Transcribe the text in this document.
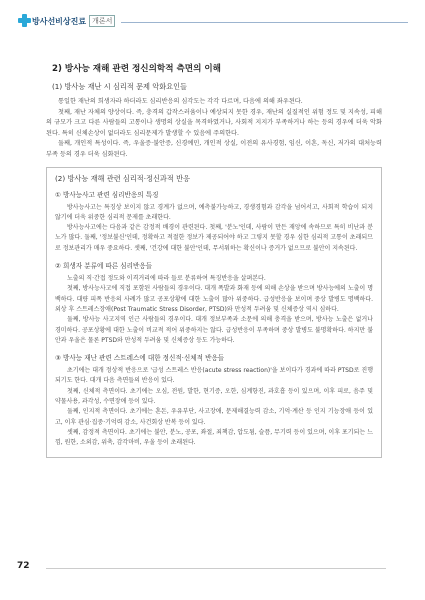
방사선비상진료 개론서
2) 방사능 재해 관련 정신의학적 측면의 이해
(1) 방사능 재난 시 심리적 문제 악화요인들

통일한 재난의 희생자라 하더라도 심리반응의 심각도는 각각 다르며, 다음에 의해 좌우된다.

첫째, 재난 자체의 양상이다. 즉, 충격의 갑작스러움이나 예상되지 못한 경우, 재난의 실질적인 위험 정도 및 지속성, 피해의 규모가 크고 다른 사람들의 고통이나 생명의 상실을 목격하였거나, 사회적 지지가 부족하거나 하는 등의 경우에 더욱 악화된다. 특히 신체손상이 없더라도 심리문제가 발생할 수 있음에 주의한다.

둘째, 개인적 특성이다. 즉, 우울증·불안증, 신경예민, 개인적 상실, 이전의 유사경험, 임신, 이혼, 독신, 저가의 대처능력 부족 등의 경우 더욱 심화된다.

(2) 방사능 재해 관련 심리적·정신과적 반응
① 방사능사고 관련 심리반응의 특징

방사능사고는 특징상 보이지 않고 경계가 없으며, 예측불가능하고, 경생경험과 감각을 넘어서고, 사회적 학습이 되지 않기에 더욱 위중한 심리적 문제를 초래한다.

방사능사고에는 다음과 같은 감정적 배경이 관련된다. 첫째, '분노'인데, 사람이 만든 재앙에 속하므로 특히 비난과 분노가 많다. 둘째, '정보불신'인데, 정확하고 적절한 정보가 제공되어야 하고 그렇지 못할 경우 심한 심리적 고통이 초래되므로 정보관리가 매우 중요하다. 셋째, '건강에 대한 불안'인데, 무서워하는 확신이나 증거가 없으므로 불안이 지속된다.

② 희생자 분류에 따른 심리반응들

노출의 직·간접 정도와 이격거리에 따라 들로 분류하여 특징반응을 살펴본다.

첫째, 방사능사고에 직접 포함된 사람들의 경우이다. 대개 폭발과 화재 등에 의해 손상을 받으며 방사능에의 노출이 명백하다. 대량 피폭 반응의 사례가 많고 공포상황에 대한 노출이 많아 위중하다. 급성반응을 보이며 중상 발병도 명백하다. 외상 후 스트레스장애(Post Traumatic Stress Disorder, PTSD)와 만성적 두려움 및 신체증상 역시 심하다.

둘째, 방사능 사고지역 인근 사람들의 경우이다. 대개 정보부족과 소문에 의해 충격을 받으며, 방사능 노출은 없거나 경미하다. 공포상황에 대한 노출이 비교적 적어 위중하지는 않다. 급성반응이 부족하며 중상 발병도 불명확하다. 하지만 불안과 우울은 물론 PTSD와 만성적 두려움 및 신체증상 등도 가능하다.

③ 방사능 재난 관련 스트레스에 대한 정신적·신체적 반응들

초기에는 대개 정상적 반응으로 '급성 스트레스 반응(acute stress reaction)'을 보이다가 경과에 따라 PTSD로 진행되기도 한다. 대개 다음 측면들의 반응이 있다.

첫째, 신체적 측면이다. 초기에는 오심, 전원, 발한, 현기증, 오한, 심계항진, 과호흡 등이 있으며, 이후 피로, 음주 및 약물사용, 과각성, 수면장애 등이 있다.

둘째, 인지적 측면이다. 초기에는 혼돈, 우유부단, 사고장애, 문제해결능력 감소, 기억·계산 등 인지 기능장애 등이 있고, 이후 관심·집중·기억력 감소, 사건회상 반복 등이 있다.

셋째, 감정적 측면이다. 초기에는 불안, 분노, 공포, 좌절, 죄책감, 압도됨, 슬픔, 무기력 등이 있으며, 이후 포기되는 느낌, 원한, 소외감, 위축, 감각마비, 우울 등이 초래된다.

72
